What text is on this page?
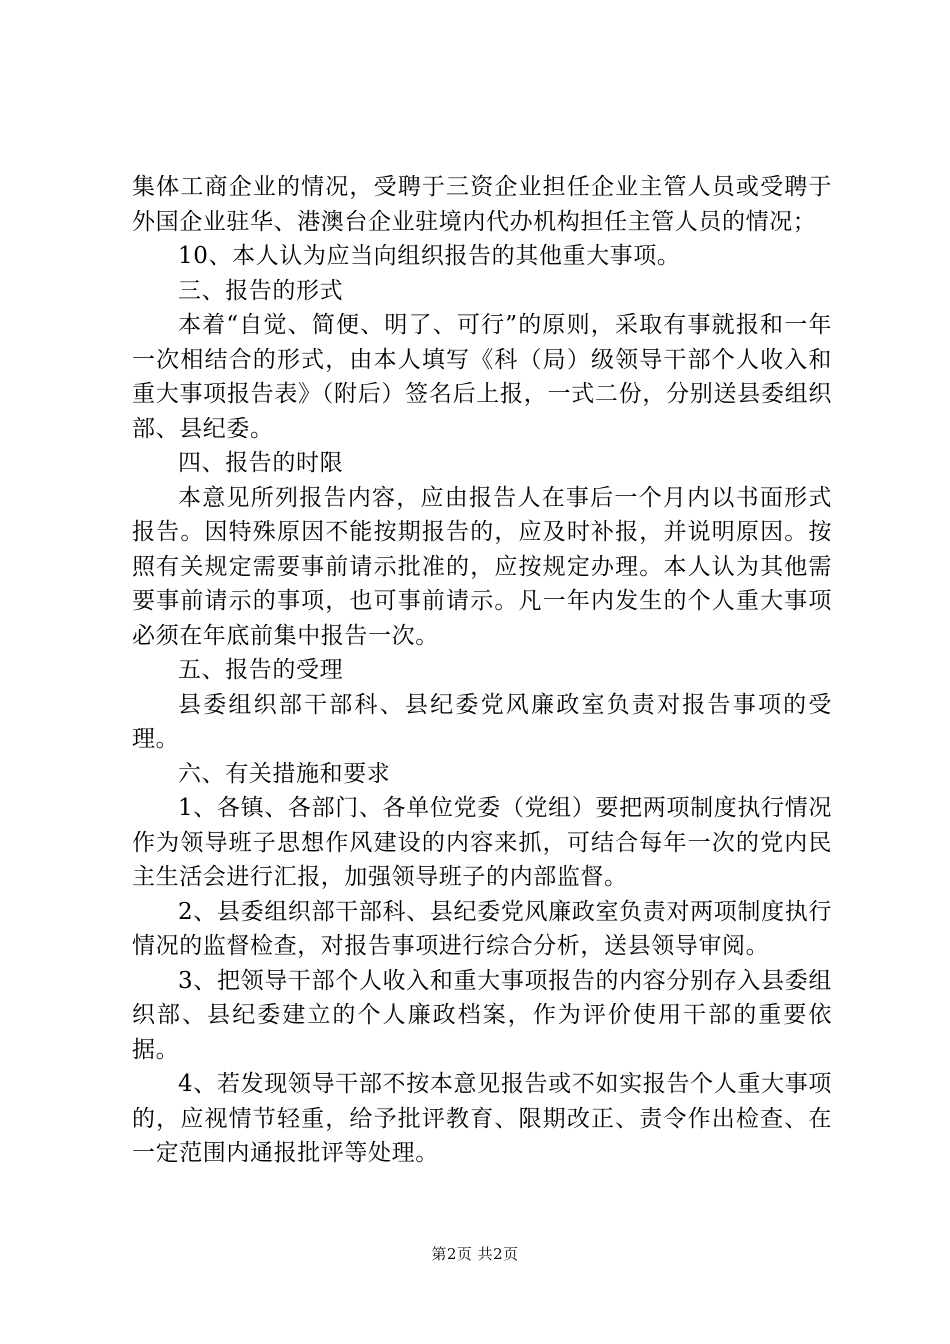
集体工商企业的情况，受聘于三资企业担任企业主管人员或受聘于外国企业驻华、港澳台企业驻境内代办机构担任主管人员的情况；

10、本人认为应当向组织报告的其他重大事项。

三、报告的形式

本着“自觉、简便、明了、可行”的原则，采取有事就报和一年一次相结合的形式，由本人填写《科（局）级领导干部个人收入和重大事项报告表》（附后）签名后上报，一式二份，分别送县委组织部、县纪委。

四、报告的时限

本意见所列报告内容，应由报告人在事后一个月内以书面形式报告。因特殊原因不能按期报告的，应及时补报，并说明原因。按照有关规定需要事前请示批准的，应按规定办理。本人认为其他需要事前请示的事项，也可事前请示。凡一年内发生的个人重大事项必须在年底前集中报告一次。

五、报告的受理

县委组织部干部科、县纪委党风廉政室负责对报告事项的受理。

六、有关措施和要求

1、各镇、各部门、各单位党委（党组）要把两项制度执行情况作为领导班子思想作风建设的内容来抓，可结合每年一次的党内民主生活会进行汇报，加强领导班子的内部监督。

2、县委组织部干部科、县纪委党风廉政室负责对两项制度执行情况的监督检查，对报告事项进行综合分析，送县领导审阅。

3、把领导干部个人收入和重大事项报告的内容分别存入县委组织部、县纪委建立的个人廉政档案，作为评价使用干部的重要依据。

4、若发现领导干部不按本意见报告或不如实报告个人重大事项的，应视情节轻重，给予批评教育、限期改正、责令作出检查、在一定范围内通报批评等处理。

第2页 共2页
